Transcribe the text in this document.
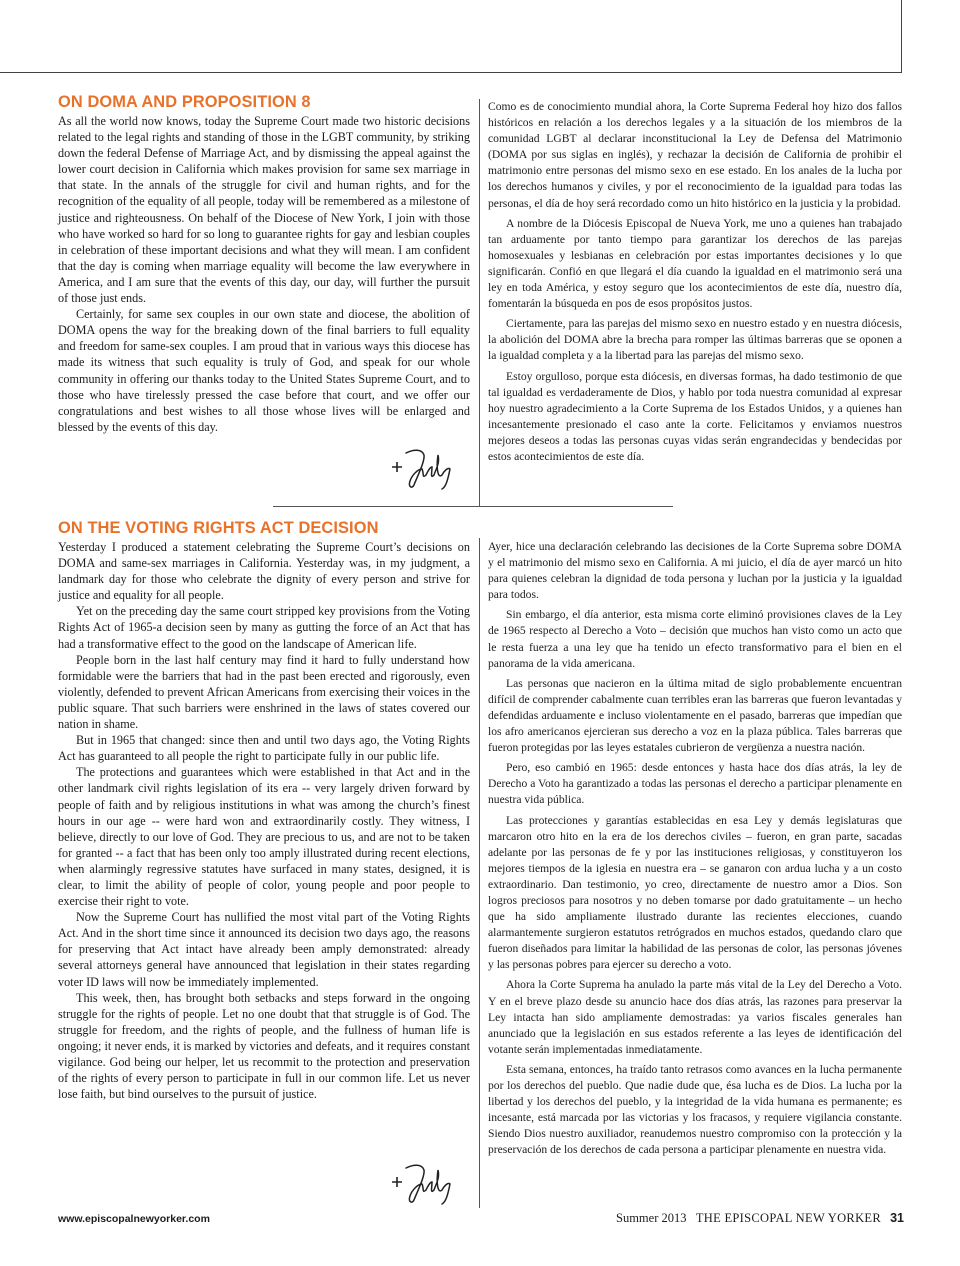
ON DOMA AND PROPOSITION 8

As all the world now knows, today the Supreme Court made two historic decisions related to the legal rights and standing of those in the LGBT community, by striking down the federal Defense of Marriage Act, and by dismissing the appeal against the lower court decision in California which makes provision for same sex marriage in that state. In the annals of the struggle for civil and human rights, and for the recognition of the equality of all people, today will be remembered as a milestone of justice and righteousness. On behalf of the Diocese of New York, I join with those who have worked so hard for so long to guarantee rights for gay and lesbian couples in celebration of these important decisions and what they will mean. I am confident that the day is coming when marriage equality will become the law everywhere in America, and I am sure that the events of this day, our day, will further the pursuit of those just ends.

Certainly, for same sex couples in our own state and diocese, the abolition of DOMA opens the way for the breaking down of the final barriers to full equality and freedom for same-sex couples. I am proud that in various ways this diocese has made its witness that such equality is truly of God, and speak for our whole community in offering our thanks today to the United States Supreme Court, and to those who have tirelessly pressed the case before that court, and we offer our congratulations and best wishes to all those whose lives will be enlarged and blessed by the events of this day.

Como es de conocimiento mundial ahora, la Corte Suprema Federal hoy hizo dos fallos históricos en relación a los derechos legales y a la situación de los miembros de la comunidad LGBT al declarar inconstitucional la Ley de Defensa del Matrimonio (DOMA por sus siglas en inglés), y rechazar la decisión de California de prohibir el matrimonio entre personas del mismo sexo en ese estado. En los anales de la lucha por los derechos humanos y civiles, y por el reconocimiento de la igualdad para todas las personas, el día de hoy será recordado como un hito histórico en la justicia y la probidad.

A nombre de la Diócesis Episcopal de Nueva York, me uno a quienes han trabajado tan arduamente por tanto tiempo para garantizar los derechos de las parejas homosexuales y lesbianas en celebración por estas importantes decisiones y lo que significarán. Confió en que llegará el día cuando la igualdad en el matrimonio será una ley en toda América, y estoy seguro que los acontecimientos de este día, nuestro día, fomentarán la búsqueda en pos de esos propósitos justos.

Ciertamente, para las parejas del mismo sexo en nuestro estado y en nuestra diócesis, la abolición del DOMA abre la brecha para romper las últimas barreras que se oponen a la igualdad completa y a la libertad para las parejas del mismo sexo.

Estoy orgulloso, porque esta diócesis, en diversas formas, ha dado testimonio de que tal igualdad es verdaderamente de Dios, y hablo por toda nuestra comunidad al expresar hoy nuestro agradecimiento a la Corte Suprema de los Estados Unidos, y a quienes han incesantemente presionado el caso ante la corte. Felicitamos y enviamos nuestros mejores deseos a todas las personas cuyas vidas serán engrandecidas y bendecidas por estos acontecimientos de este día.

ON THE VOTING RIGHTS ACT DECISION

Yesterday I produced a statement celebrating the Supreme Court’s decisions on DOMA and same-sex marriages in California. Yesterday was, in my judgment, a landmark day for those who celebrate the dignity of every person and strive for justice and equality for all people.

Yet on the preceding day the same court stripped key provisions from the Voting Rights Act of 1965-a decision seen by many as gutting the force of an Act that has had a transformative effect to the good on the landscape of American life.

People born in the last half century may find it hard to fully understand how formidable were the barriers that had in the past been erected and rigorously, even violently, defended to prevent African Americans from exercising their voices in the public square. That such barriers were enshrined in the laws of states covered our nation in shame.

But in 1965 that changed: since then and until two days ago, the Voting Rights Act has guaranteed to all people the right to participate fully in our public life.

The protections and guarantees which were established in that Act and in the other landmark civil rights legislation of its era -- very largely driven forward by people of faith and by religious institutions in what was among the church’s finest hours in our age -- were hard won and extraordinarily costly. They witness, I believe, directly to our love of God. They are precious to us, and are not to be taken for granted -- a fact that has been only too amply illustrated during recent elections, when alarmingly regressive statutes have surfaced in many states, designed, it is clear, to limit the ability of people of color, young people and poor people to exercise their right to vote.

Now the Supreme Court has nullified the most vital part of the Voting Rights Act. And in the short time since it announced its decision two days ago, the reasons for preserving that Act intact have already been amply demonstrated: already several attorneys general have announced that legislation in their states regarding voter ID laws will now be immediately implemented.

This week, then, has brought both setbacks and steps forward in the ongoing struggle for the rights of people. Let no one doubt that that struggle is of God. The struggle for freedom, and the rights of people, and the fullness of human life is ongoing; it never ends, it is marked by victories and defeats, and it requires constant vigilance. God being our helper, let us recommit to the protection and preservation of the rights of every person to participate in full in our common life. Let us never lose faith, but bind ourselves to the pursuit of justice.

Ayer, hice una declaración celebrando las decisiones de la Corte Suprema sobre DOMA y el matrimonio del mismo sexo en California. A mi juicio, el día de ayer marcó un hito para quienes celebran la dignidad de toda persona y luchan por la justicia y la igualdad para todos.

Sin embargo, el día anterior, esta misma corte eliminó provisiones claves de la Ley de 1965 respecto al Derecho a Voto – decisión que muchos han visto como un acto que le resta fuerza a una ley que ha tenido un efecto transformativo para el bien en el panorama de la vida americana.

Las personas que nacieron en la última mitad de siglo probablemente encuentran difícil de comprender cabalmente cuan terribles eran las barreras que fueron levantadas y defendidas arduamente e incluso violentamente en el pasado, barreras que impedían que los afro americanos ejercieran sus derecho a voz en la plaza pública. Tales barreras que fueron protegidas por las leyes estatales cubrieron de vergüenza a nuestra nación.

Pero, eso cambió en 1965: desde entonces y hasta hace dos días atrás, la ley de Derecho a Voto ha garantizado a todas las personas el derecho a participar plenamente en nuestra vida pública.

Las protecciones y garantías establecidas en esa Ley y demás legislaturas que marcaron otro hito en la era de los derechos civiles – fueron, en gran parte, sacadas adelante por las personas de fe y por las instituciones religiosas, y constituyeron los mejores tiempos de la iglesia en nuestra era – se ganaron con ardua lucha y a un costo extraordinario. Dan testimonio, yo creo, directamente de nuestro amor a Dios. Son logros preciosos para nosotros y no deben tomarse por dado gratuitamente – un hecho que ha sido ampliamente ilustrado durante las recientes elecciones, cuando alarmantemente surgieron estatutos retrógrados en muchos estados, quedando claro que fueron diseñados para limitar la habilidad de las personas de color, las personas jóvenes y las personas pobres para ejercer su derecho a voto.

Ahora la Corte Suprema ha anulado la parte más vital de la Ley del Derecho a Voto. Y en el breve plazo desde su anuncio hace dos días atrás, las razones para preservar la Ley intacta han sido ampliamente demostradas: ya varios fiscales generales han anunciado que la legislación en sus estados referente a las leyes de identificación del votante serán implementadas inmediatamente.

Esta semana, entonces, ha traído tanto retrasos como avances en la lucha permanente por los derechos del pueblo. Que nadie dude que, ésa lucha es de Dios. La lucha por la libertad y los derechos del pueblo, y la integridad de la vida humana es permanente; es incesante, está marcada por las victorias y los fracasos, y requiere vigilancia constante. Siendo Dios nuestro auxiliador, reanudemos nuestro compromiso con la protección y la preservación de los derechos de cada persona a participar plenamente en nuestra vida.

www.episcopalnewyorker.com	Summer 2013 THE EPISCOPAL NEW YORKER 31
